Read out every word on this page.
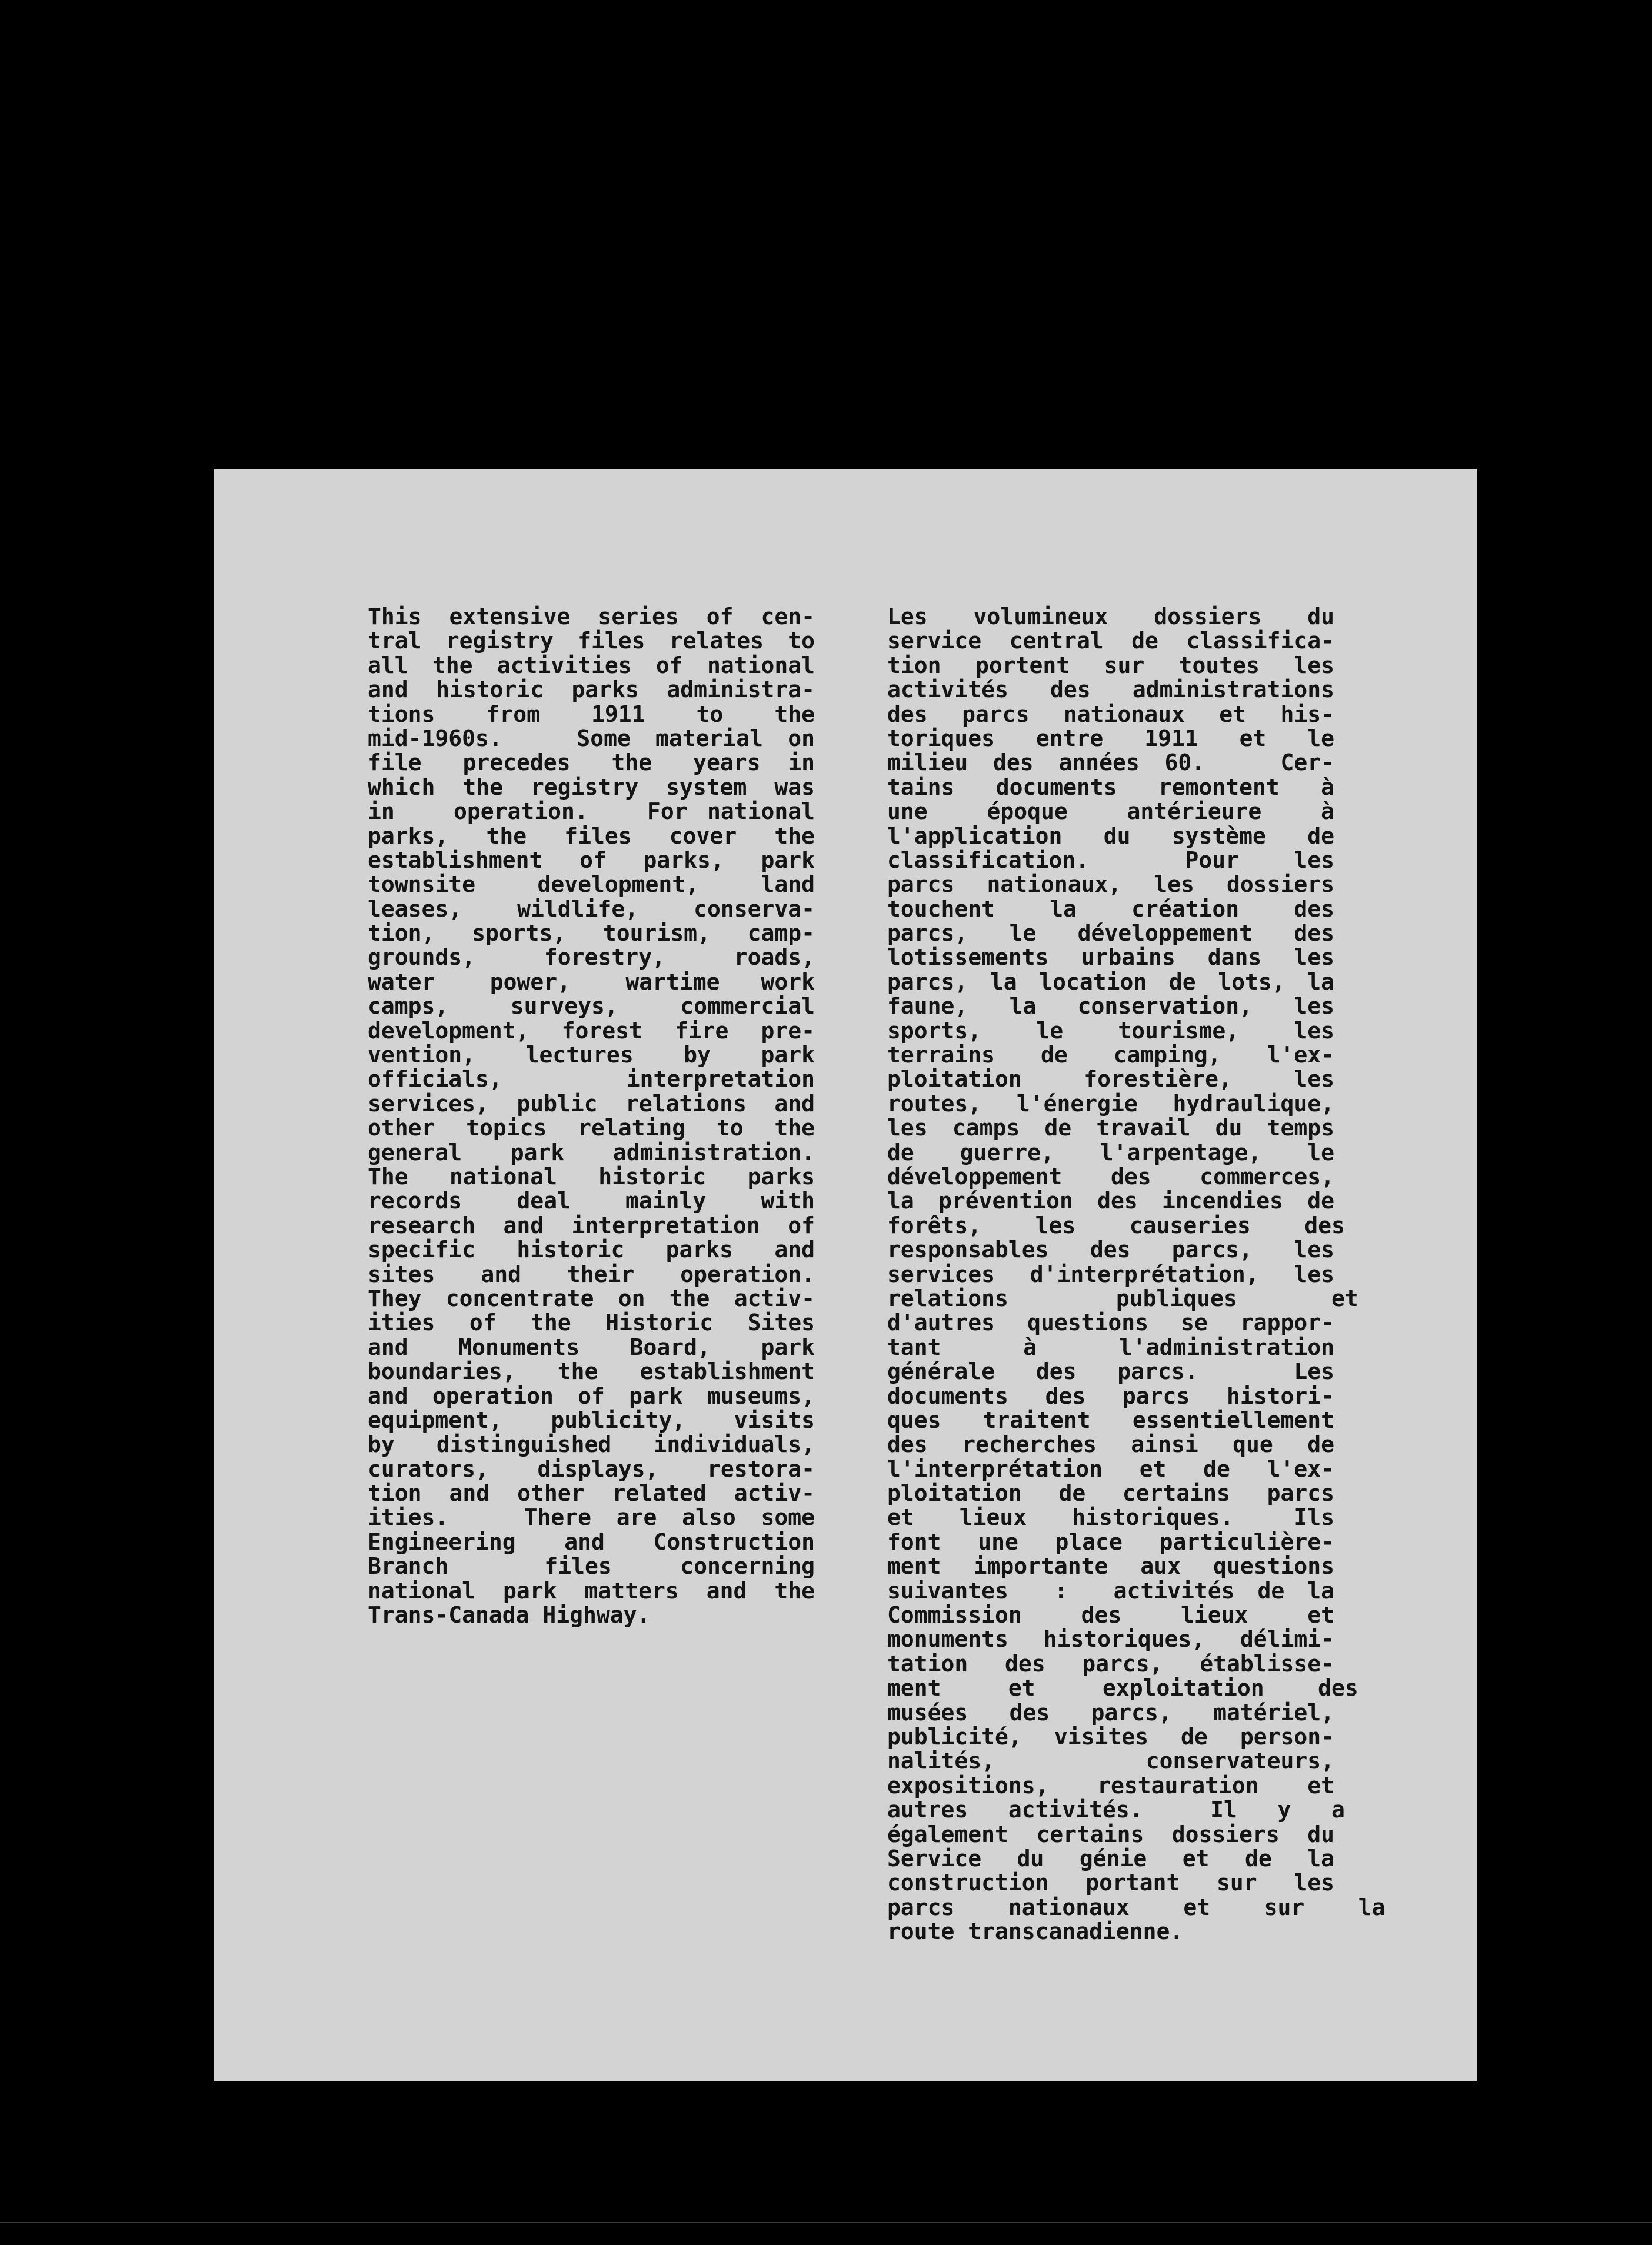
This extensive series of cen-
tral registry files relates to
all the activities of national
and historic parks administra-
tions   from   1911   to   the
mid-1960s.   Some material on
file   precedes   the   years  in
which the registry system was
in   operation.   For national
parks,  the  files  cover  the
establishment  of  parks,  park
townsite    development,    land
leases,   wildlife,   conserva-
tion, sports, tourism, camp-
grounds,    forestry,    roads,
water    power,    wartime   work
camps,    surveys,    commercial
development, forest fire pre-
vention,  lectures  by  park
officials,       interpretation
services, public relations and
other topics relating to the
general   park   administration.
The  national  historic  parks
records    deal    mainly    with
research and interpretation of
specific   historic   parks   and
sites   and   their   operation.
They concentrate on the activ-
ities of the Historic Sites
and  Monuments  Board,  park
boundaries, the establishment
and operation of park museums,
equipment,   publicity,   visits
by distinguished individuals,
curators,   displays,   restora-
tion and other related activ-
ities.   There are also some
Engineering   and   Construction
Branch       files     concerning
national park matters and the
Trans-Canada Highway.
Les   volumineux   dossiers   du
service central de classifica-
tion  portent  sur  toutes  les
activités des administrations
des parcs nationaux et his-
toriques  entre  1911  et  le
milieu des années 60.   Cer-
tains   documents   remontent   à
une    époque    antérieure    à
l'application  du  système  de
classification.       Pour    les
parcs nationaux, les dossiers
touchent   la   création   des
parcs,  le  développement  des
lotissements urbains dans les
parcs, la location de lots, la
faune,   la   conservation,   les
sports,    le    tourisme,    les
terrains  de  camping,  l'ex-
ploitation    forestière,    les
routes, l'énergie hydraulique,
les camps de travail du temps
de   guerre,   l'arpentage,   le
développement des commerces,
la prévention des incendies de
forêts,    les    causeries    des
responsables des parcs, les
services d'interprétation, les
relations        publiques       et
d'autres questions se rappor-
tant      à      l'administration
générale   des   parcs.       Les
documents des parcs histori-
ques traitent essentiellement
des recherches ainsi que de
l'interprétation et de l'ex-
ploitation de certains parcs
et   lieux   historiques.    Ils
font une place particulière-
ment importante aux questions
suivantes  :  activités de la
Commission    des    lieux    et
monuments historiques, délimi-
tation des parcs, établisse-
ment     et     exploitation    des
musées des parcs, matériel,
publicité, visites de person-
nalités,         conservateurs,
expositions,   restauration   et
autres   activités.     Il   y   a
également certains dossiers du
Service  du  génie  et  de  la
construction  portant  sur  les
parcs    nationaux    et    sur    la
route transcanadienne.
